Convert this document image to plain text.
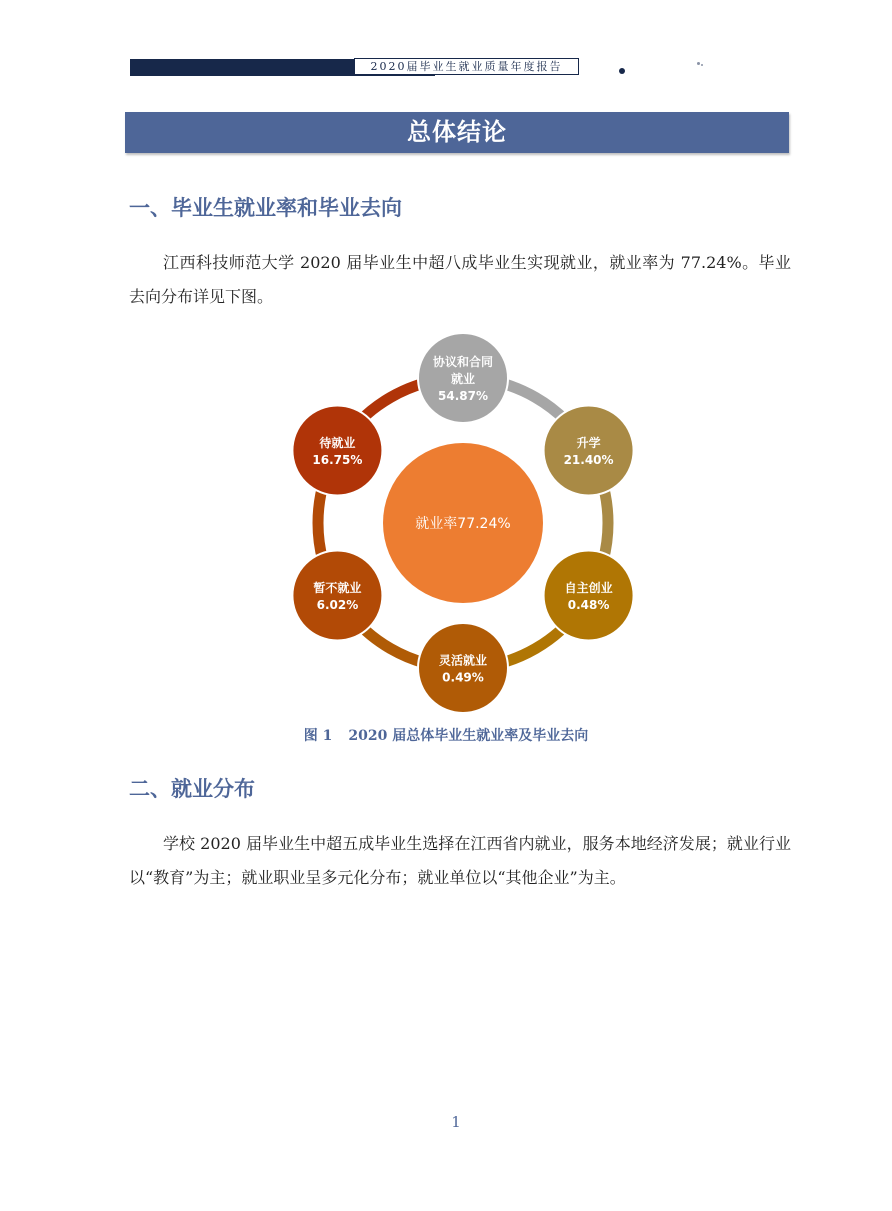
2020届毕业生就业质量年度报告
总体结论
一、毕业生就业率和毕业去向
江西科技师范大学 2020 届毕业生中超八成毕业生实现就业，就业率为 77.24%。毕业去向分布详见下图。
协议和合同
就业
54.87%
升学
21.40%
自主创业
0.48%
灵活就业
0.49%
暂不就业
6.02%
待就业
16.75%
就业率77.24%
图 1 2020 届总体毕业生就业率及毕业去向
二、就业分布
学校 2020 届毕业生中超五成毕业生选择在江西省内就业，服务本地经济发展；就业行业以“教育”为主；就业职业呈多元化分布；就业单位以“其他企业”为主。
1
